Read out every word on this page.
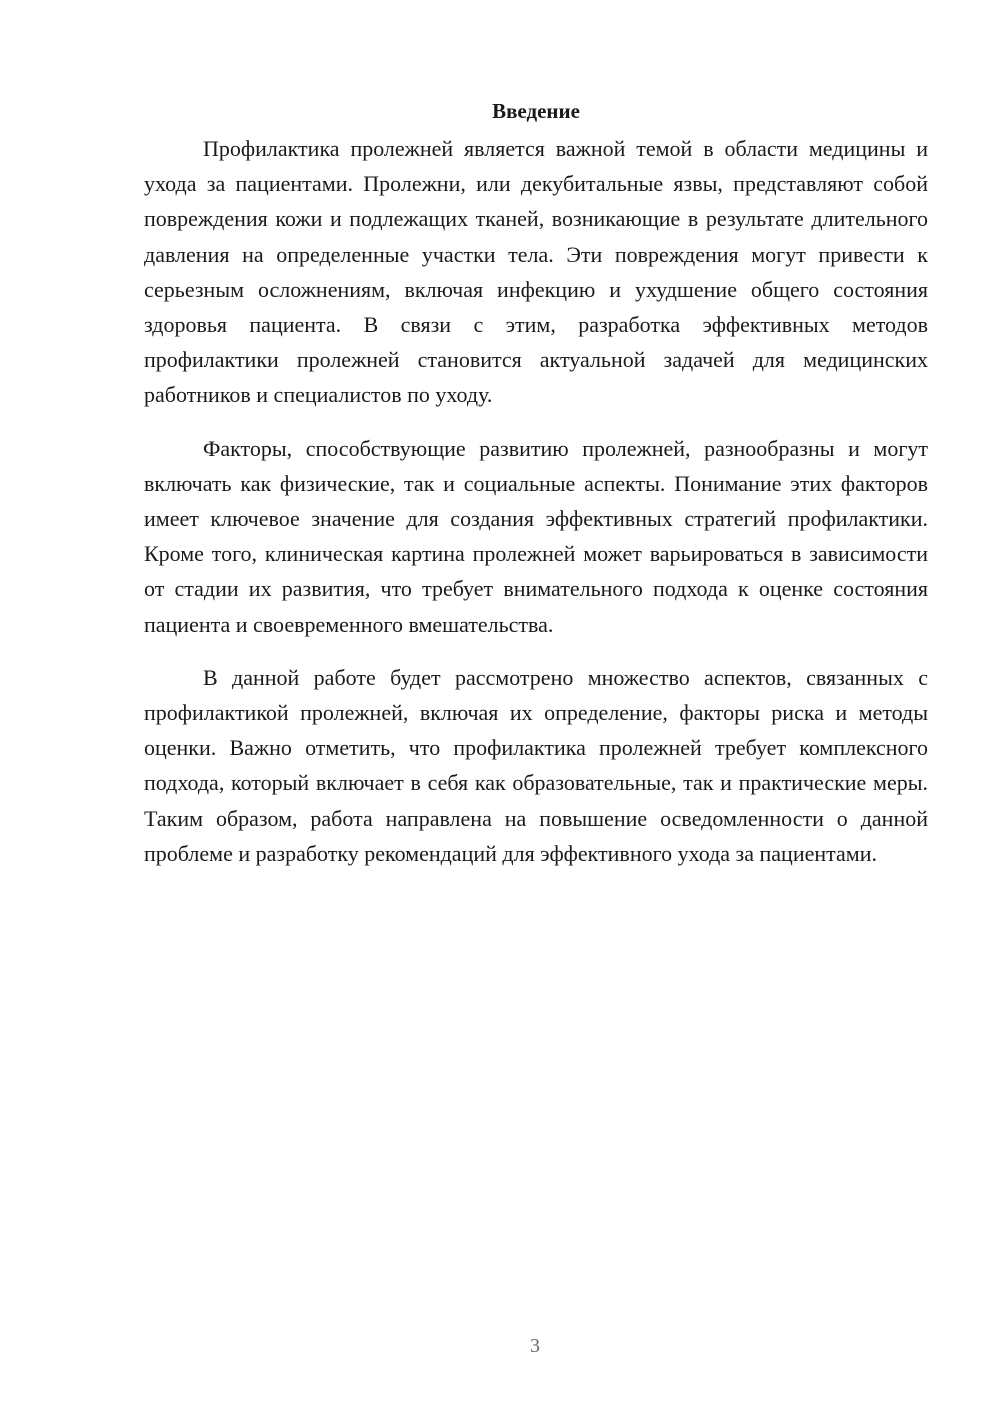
Введение

Профилактика пролежней является важной темой в области медицины и ухода за пациентами. Пролежни, или декубитальные язвы, представляют собой повреждения кожи и подлежащих тканей, возникающие в результате длительного давления на определенные участки тела. Эти повреждения могут привести к серьезным осложнениям, включая инфекцию и ухудшение общего состояния здоровья пациента. В связи с этим, разработка эффективных методов профилактики пролежней становится актуальной задачей для медицинских работников и специалистов по уходу.

Факторы, способствующие развитию пролежней, разнообразны и могут включать как физические, так и социальные аспекты. Понимание этих факторов имеет ключевое значение для создания эффективных стратегий профилактики. Кроме того, клиническая картина пролежней может варьироваться в зависимости от стадии их развития, что требует внимательного подхода к оценке состояния пациента и своевременного вмешательства.

В данной работе будет рассмотрено множество аспектов, связанных с профилактикой пролежней, включая их определение, факторы риска и методы оценки. Важно отметить, что профилактика пролежней требует комплексного подхода, который включает в себя как образовательные, так и практические меры. Таким образом, работа направлена на повышение осведомленности о данной проблеме и разработку рекомендаций для эффективного ухода за пациентами.

3
